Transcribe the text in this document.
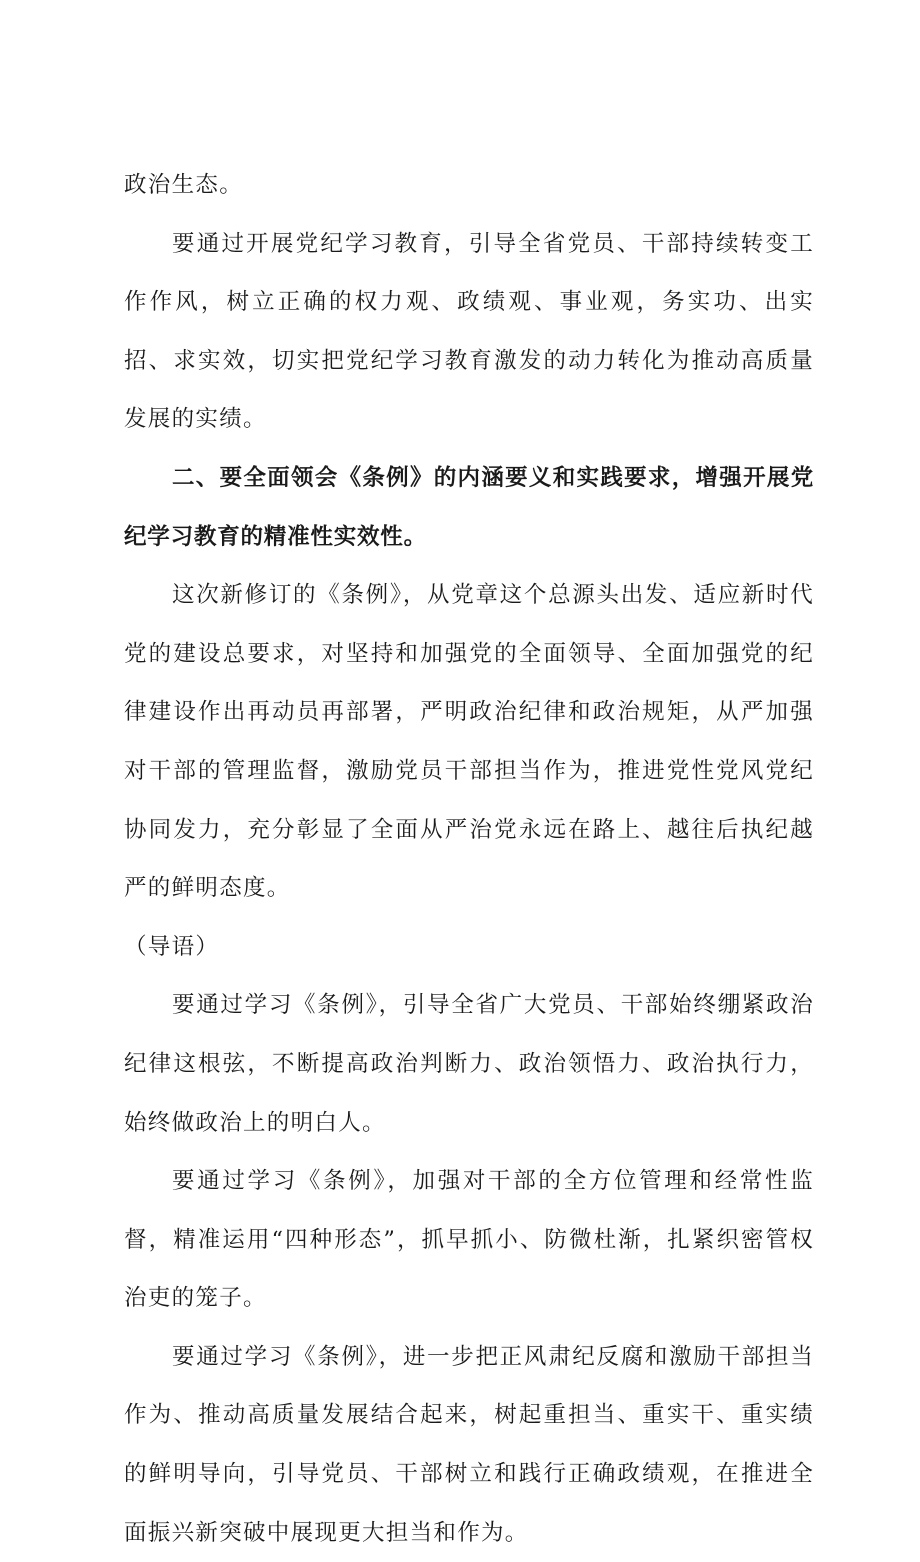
政治生态。

要通过开展党纪学习教育，引导全省党员、干部持续转变工作作风，树立正确的权力观、政绩观、事业观，务实功、出实招、求实效，切实把党纪学习教育激发的动力转化为推动高质量发展的实绩。

二、要全面领会《条例》的内涵要义和实践要求，增强开展党纪学习教育的精准性实效性。

这次新修订的《条例》，从党章这个总源头出发、适应新时代党的建设总要求，对坚持和加强党的全面领导、全面加强党的纪律建设作出再动员再部署，严明政治纪律和政治规矩，从严加强对干部的管理监督，激励党员干部担当作为，推进党性党风党纪协同发力，充分彰显了全面从严治党永远在路上、越往后执纪越严的鲜明态度。

（导语）

要通过学习《条例》，引导全省广大党员、干部始终绷紧政治纪律这根弦，不断提高政治判断力、政治领悟力、政治执行力，始终做政治上的明白人。

要通过学习《条例》，加强对干部的全方位管理和经常性监督，精准运用“四种形态”，抓早抓小、防微杜渐，扎紧织密管权治吏的笼子。

要通过学习《条例》，进一步把正风肃纪反腐和激励干部担当作为、推动高质量发展结合起来，树起重担当、重实干、重实绩的鲜明导向，引导党员、干部树立和践行正确政绩观，在推进全面振兴新突破中展现更大担当和作为。
